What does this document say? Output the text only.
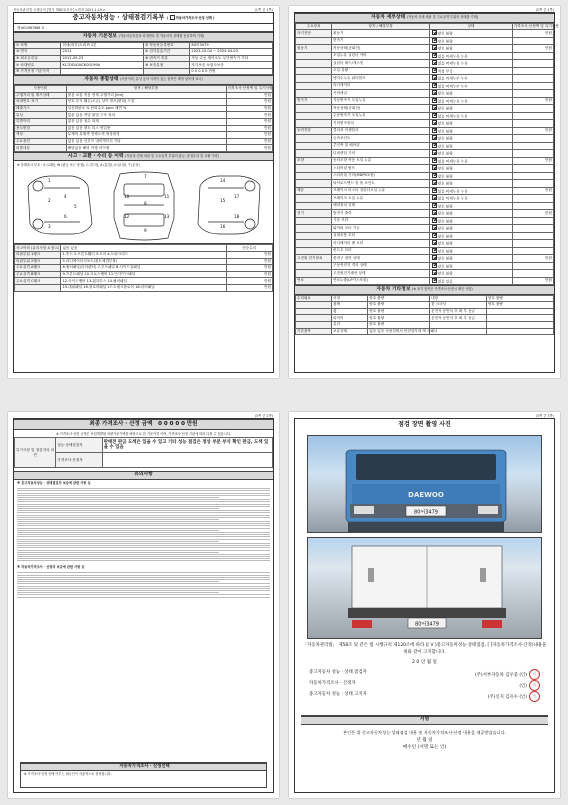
자동차관리법 시행규칙 [별지 제82호서식] <개정 2021.1.19.>	(1쪽 중 1쪽)
중고자동차성능 · 상태점검기록부 ( 자동차가격조사·산정 선택 )
제 NO1987966 호
자동차 기본정보 (자동차등록증과 차대번호 및 자동차의 상태를 동일하게 기재)
① 차명	현대(대우)트럭 R 1톤	② 자동차등록번호	80어3479
③ 연식	2012	④ 검사유효기간	2023.10.04 ~ 2024.04.03
⑤ 최초등록일	2012-05-23	⑥ 변속기 종류	자동 수동 세미오토 무단변속기 기타
⑦ 차대번호	KL7DD41KCK00199A	⑧ 보증유형	자가보증 보험사보증
⑨ 가격산정 기준가격			0 0 0 0 0 만원
자동차 종합상태 (사용이력, 튜닝 등의 이력이 있는 항목은 해당 항목에 표시)
사용이력	항목 / 해당부품	가격조사·산정액 및 특기사항
주행거리 및 계기상태	많음 보통 적음 현재 주행거리 [km]	만원
차대번호 표기	양호 부식 훼손(오손) 상이 변조(변타) 도말	만원
배출가스	일산화탄소 % 탄화수소 ppm 매연 %	만원
튜닝	없음 있음 적법 불법 구조 장치	만원
특별이력	없음 있음 침수 화재	만원
용도변경	없음 있음 렌트 리스 영업용	만원
색상	무채색 유채색 전체도색 색상변경	만원
주요옵션	없음 있음 선루프 내비게이션 기타	만원
리콜대상	해당없음 해당 이행 미이행	만원
사고 · 교환 · 수리 등 이력 (자동차 전체 외판 및 주요골격 부위의 판금, 용접수리 및 교환 이력)
※ 상태표시 부호 : X (교환), W (판금 또는 용접), C (부식), A (흠집), U (요철), T (손상)
1
2
3
4
5
6
7
8
9
10	11
12	13
14
15
16
17
18
사고이력 (유의사항 4 참고)	없음 있음	단순수리	
외판부위 1랭크	1.후드 2.프론트휀더 3.도어 4.트렁크리드	만원	
외판부위 2랭크	5.라디에이터서포트(볼트체결부품)	만원	
주요골격 A랭크	6.쿼터패널(리어펜더) 7.루프패널 8.사이드실패널	만원	
주요골격 B랭크	9.프론트패널 10.크로스멤버 11.인사이드패널	만원	
주요골격 C랭크	12.사이드멤버 13.휠하우스 14.필러패널	만원	
	15.대쉬패널 16.플로어패널 17.트렁크플로어 18.리어패널	만원	
(2쪽 중 1쪽)
자동차 세부상태 (자동차 전체 외판 및 주요골격 부위의 상태를 기재)
주요장치	항목 / 해당부품	상태	가격조사·산정액 및 특기사항
자기진단	원동기	양호 불량	만원
	변속기	양호 불량	
원동기	작동상태(공회전)	양호 불량	만원
	오일누유 실린더 커버	없음 미세누유 누유	
	실린더 헤드/개스킷	없음 미세누유 누유	
	오일 유량	적정 부족	
	냉각수누수 워터펌프	없음 미세누수 누수	
	라디에이터	없음 미세누수 누수	
	커먼레일	양호 불량	
변속기	자동변속기 오일누유	없음 미세누유 누유	만원
	작동상태(공회전)	양호 불량	
	수동변속기 오일누유	없음 미세누유 누유	
	기어변속장치	양호 불량	
동력전달	클러치 어셈블리	양호 불량	만원
	등속조인트	양호 불량	
	추진축 및 베어링	양호 불량	
	디퍼렌셜 기어	양호 불량	
조향	동력조향 작동 오일 누유	없음 미세누유 누유	만원
	스티어링 펌프	양호 불량	
	스티어링 기어(MDPS포함)	양호 불량	
	타이로드엔드 및 볼 조인트	양호 불량	
제동	브레이크 마스터 실린더오일 누유	없음 미세누유 누유	만원
	브레이크 오일 누유	없음 미세누유 누유	
	배력장치 상태	양호 불량	
전기	발전기 출력	양호 불량	만원
	시동 모터	양호 불량	
	와이퍼 모터 기능	양호 불량	
	실내송풍 모터	양호 불량	
	라디에이터 팬 모터	양호 불량	
	윈도우 모터	양호 불량	
고전원 전기장치	충전구 절연 상태	양호 불량	만원
	구동축전지 격리 상태	양호 불량	
	고전원전기배선 상태	양호 불량	
연료	연료누출(LP가스포함)	없음 있음	만원
자동차 기타정보 (※ 표기 항목은 가격조사·산정시 확인 사항)
수리필요	외장	양호 불량	내장	양호 불량
	광택	양호 불량	룸 크리닝	양호 불량
	휠	양호 불량	운전석 동반석 후 좌 우 응급	
	타이어	양호 불량	운전석 동반석 후 좌 우 응급	
	유리	양호 불량		
기본품목	보유상태	없음 있음 사용설명서 안전삼각대 잭 스패너		
(3쪽 중 2쪽)
최종 가격조사 · 산정 금액 0 0 0 0 0 만원
※ 가격조사·산정 금액은 보험개발원 차량기준가액을 바탕으로 한 기준가격 이며, 가격조사·산정 기관에 따라 다를 수 있습니다.
특기사항 및 점검자의 의견	성능·상태점검자	판매전 판금 도색은 있을 수 있고 기타 성능 점검은 정상 부분 부식 확인 판금, 도색 있을 수 있음
	가격조사·산정자	
유의사항
※ 중고자동차성능 · 상태점검의 보증에 관한 사항 등
※ 자동차가격조사 · 산정의 보증에 관한 사항 등
자동차가격조사 · 산정선택
※ 가격조사·산정 선택 여부는 매수인이 자율적으로 결정합니다.
(3쪽 중 3쪽)
점검 장면 촬영 사진
DAEWOO
80어3479
80어3479
「자동차관리법」 제58조 및 같은 법 시행규칙 제120조에 따라 ([ V ]중고자동차성능·상태점검, [ ]자동차가격조사·산정)내용을 위와 같이 고지합니다.
2 0 년 월 일
중고자동차 성능 · 상태 점검자
(주)서부자동차 김우중 (인) 인
자동차가격조사 · 산정자
(인) 인
중고자동차 성능 · 상태 고지자
(주)신지 김유수 (인) 인
서명
본인은 위 중고자동차성능·상태점검 내용 및 자동차가격조사·산정 내용을 제공받았습니다.
년 월 일
매수인 (서명 또는 인)
